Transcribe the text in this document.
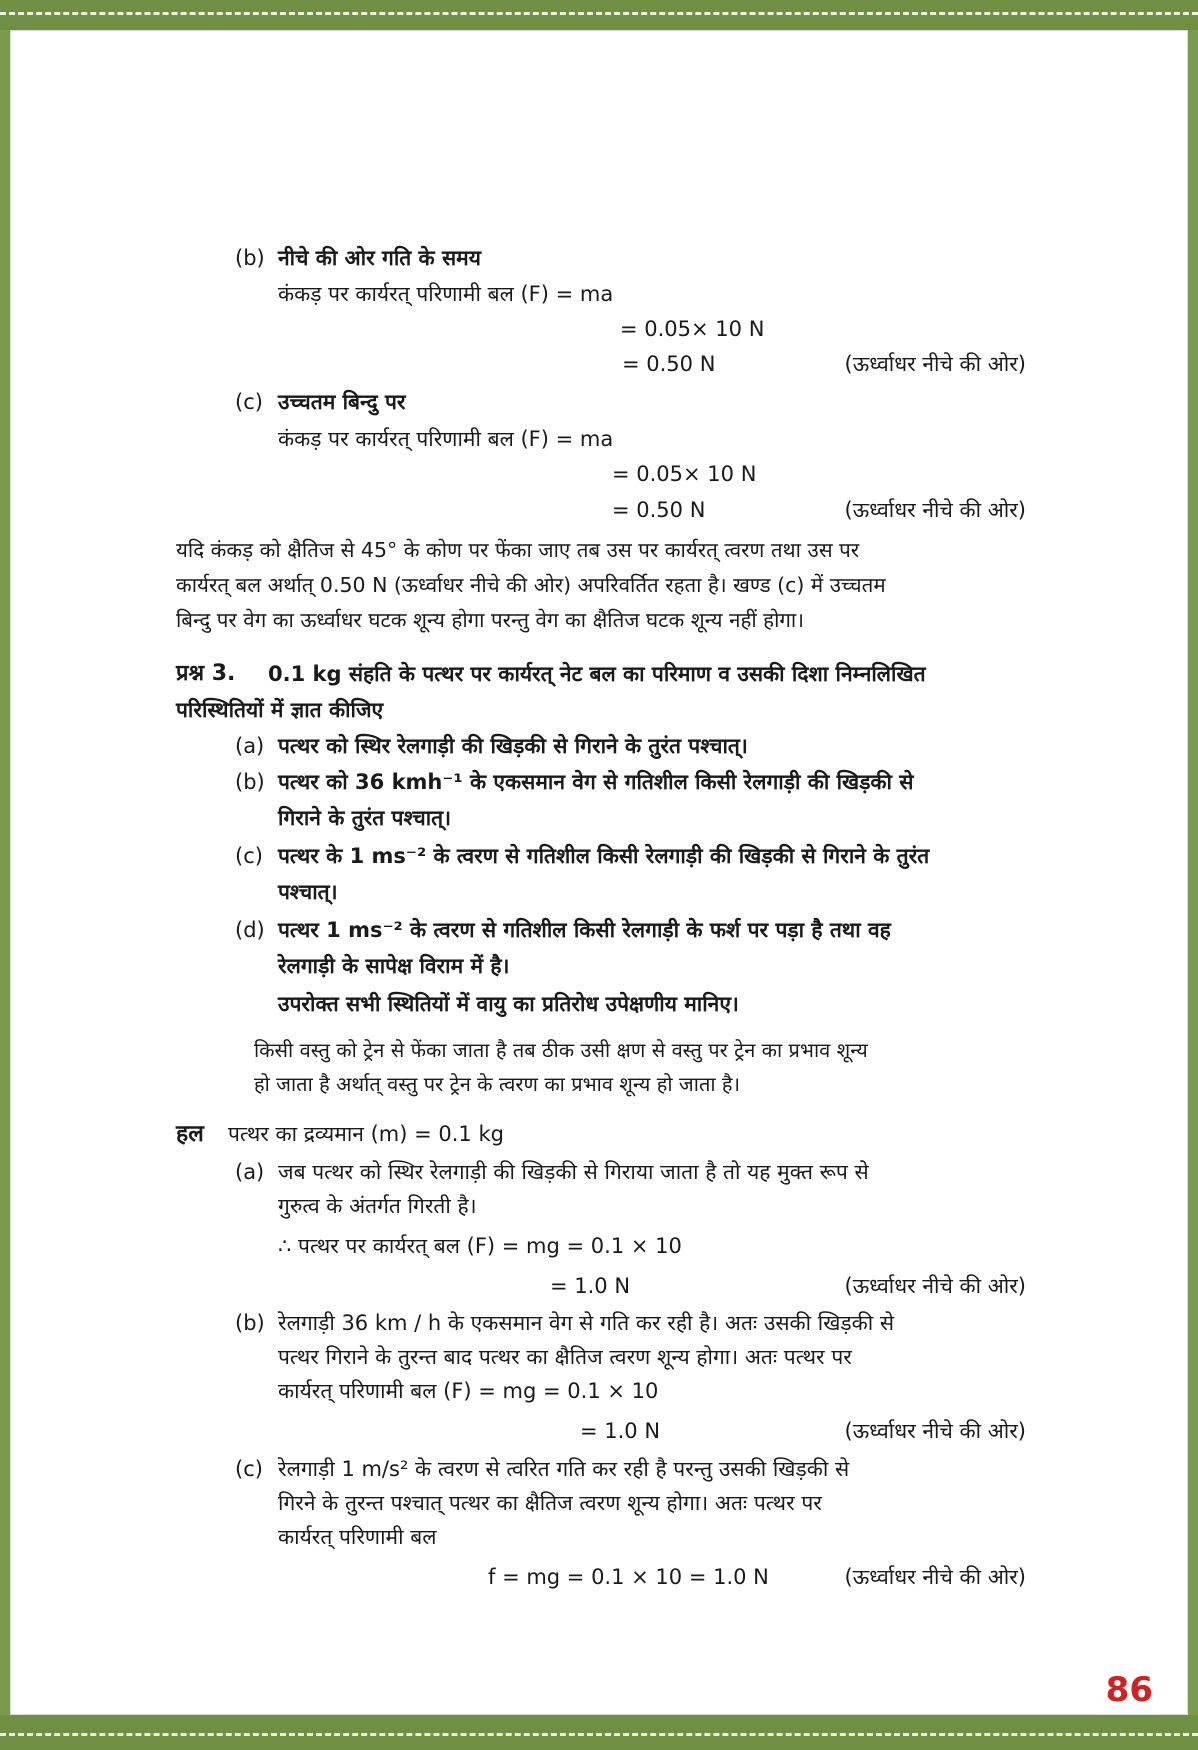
(b) नीचे की ओर गति के समय
कंकड़ पर कार्यरत् परिणामी बल (F) = ma
= 0.05× 10 N
= 0.50 N	(ऊर्ध्वाधर नीचे की ओर)
(c) उच्चतम बिन्दु पर
कंकड़ पर कार्यरत् परिणामी बल (F) = ma
= 0.05× 10 N
= 0.50 N	(ऊर्ध्वाधर नीचे की ओर)
यदि कंकड़ को क्षैतिज से 45° के कोण पर फेंका जाए तब उस पर कार्यरत् त्वरण तथा उस पर
कार्यरत् बल अर्थात् 0.50 N (ऊर्ध्वाधर नीचे की ओर) अपरिवर्तित रहता है। खण्ड (c) में उच्चतम
बिन्दु पर वेग का ऊर्ध्वाधर घटक शून्य होगा परन्तु वेग का क्षैतिज घटक शून्य नहीं होगा।
प्रश्न 3. 0.1 kg संहति के पत्थर पर कार्यरत् नेट बल का परिमाण व उसकी दिशा निम्नलिखित
परिस्थितियों में ज्ञात कीजिए
(a) पत्थर को स्थिर रेलगाड़ी की खिड़की से गिराने के तुरंत पश्चात्।
(b) पत्थर को 36 kmh⁻¹ के एकसमान वेग से गतिशील किसी रेलगाड़ी की खिड़की से
गिराने के तुरंत पश्चात्।
(c) पत्थर के 1 ms⁻² के त्वरण से गतिशील किसी रेलगाड़ी की खिड़की से गिराने के तुरंत
पश्चात्।
(d) पत्थर 1 ms⁻² के त्वरण से गतिशील किसी रेलगाड़ी के फर्श पर पड़ा है तथा वह
रेलगाड़ी के सापेक्ष विराम में है।
उपरोक्त सभी स्थितियों में वायु का प्रतिरोध उपेक्षणीय मानिए।
किसी वस्तु को ट्रेन से फेंका जाता है तब ठीक उसी क्षण से वस्तु पर ट्रेन का प्रभाव शून्य
हो जाता है अर्थात् वस्तु पर ट्रेन के त्वरण का प्रभाव शून्य हो जाता है।
हल पत्थर का द्रव्यमान (m) = 0.1 kg
(a) जब पत्थर को स्थिर रेलगाड़ी की खिड़की से गिराया जाता है तो यह मुक्त रूप से
गुरुत्व के अंतर्गत गिरती है।
∴ पत्थर पर कार्यरत् बल (F) = mg = 0.1 × 10
= 1.0 N	(ऊर्ध्वाधर नीचे की ओर)
(b) रेलगाड़ी 36 km / h के एकसमान वेग से गति कर रही है। अतः उसकी खिड़की से
पत्थर गिराने के तुरन्त बाद पत्थर का क्षैतिज त्वरण शून्य होगा। अतः पत्थर पर
कार्यरत् परिणामी बल (F) = mg = 0.1 × 10
= 1.0 N	(ऊर्ध्वाधर नीचे की ओर)
(c) रेलगाड़ी 1 m/s² के त्वरण से त्वरित गति कर रही है परन्तु उसकी खिड़की से
गिरने के तुरन्त पश्चात् पत्थर का क्षैतिज त्वरण शून्य होगा। अतः पत्थर पर
कार्यरत् परिणामी बल
f = mg = 0.1 × 10 = 1.0 N	(ऊर्ध्वाधर नीचे की ओर)
86
